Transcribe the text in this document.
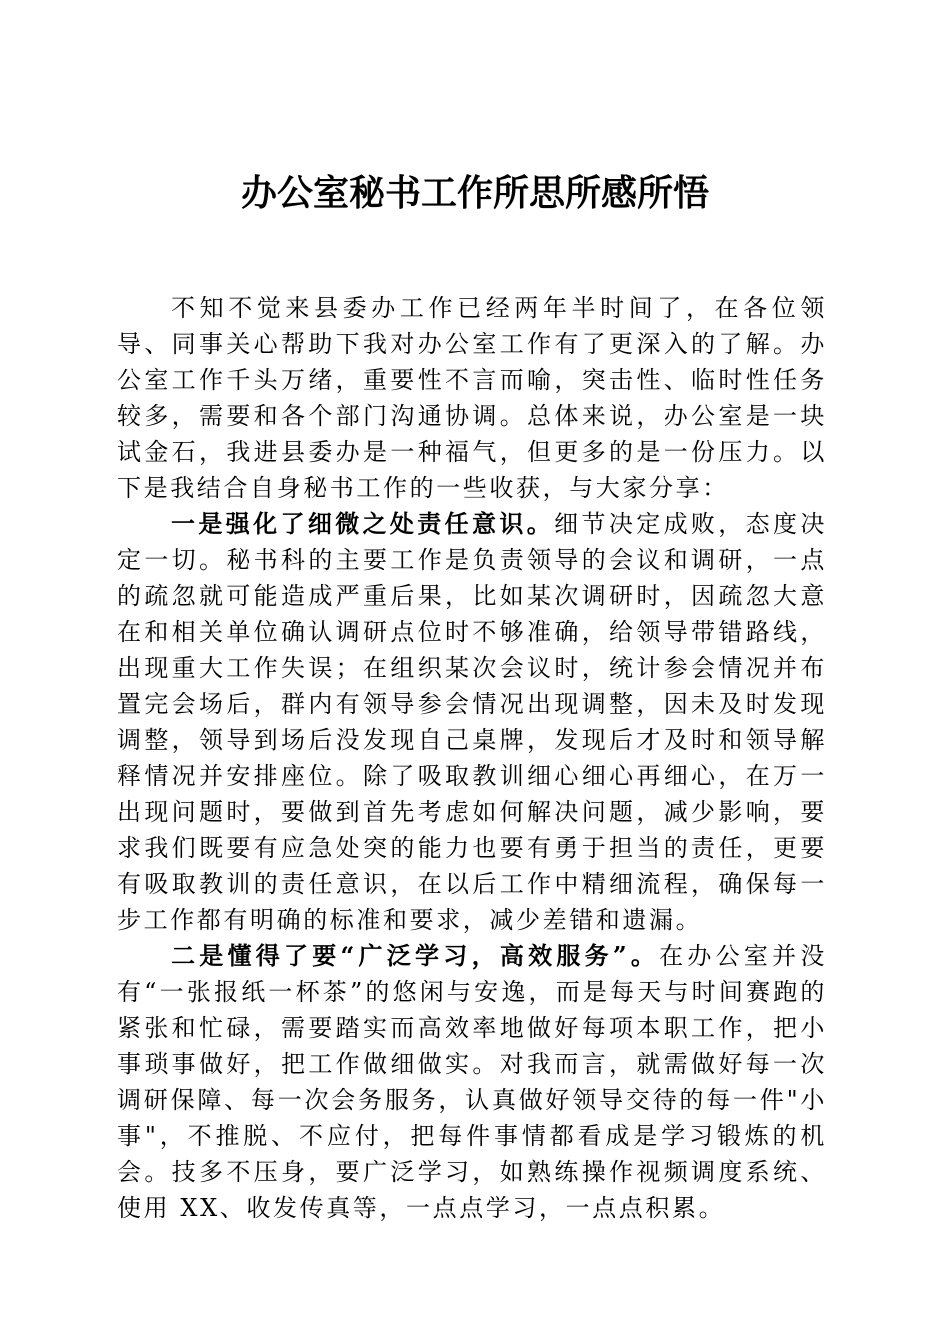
办公室秘书工作所思所感所悟

不知不觉来县委办工作已经两年半时间了，在各位领导、同事关心帮助下我对办公室工作有了更深入的了解。办公室工作千头万绪，重要性不言而喻，突击性、临时性任务较多，需要和各个部门沟通协调。总体来说，办公室是一块试金石，我进县委办是一种福气，但更多的是一份压力。以下是我结合自身秘书工作的一些收获，与大家分享：

一是强化了细微之处责任意识。细节决定成败，态度决定一切。秘书科的主要工作是负责领导的会议和调研，一点的疏忽就可能造成严重后果，比如某次调研时，因疏忽大意在和相关单位确认调研点位时不够准确，给领导带错路线，出现重大工作失误；在组织某次会议时，统计参会情况并布置完会场后，群内有领导参会情况出现调整，因未及时发现调整，领导到场后没发现自己桌牌，发现后才及时和领导解释情况并安排座位。除了吸取教训细心细心再细心，在万一出现问题时，要做到首先考虑如何解决问题，减少影响，要求我们既要有应急处突的能力也要有勇于担当的责任，更要有吸取教训的责任意识，在以后工作中精细流程，确保每一步工作都有明确的标准和要求，减少差错和遗漏。

二是懂得了要“广泛学习，高效服务”。在办公室并没有“一张报纸一杯茶”的悠闲与安逸，而是每天与时间赛跑的紧张和忙碌，需要踏实而高效率地做好每项本职工作，把小事琐事做好，把工作做细做实。对我而言，就需做好每一次调研保障、每一次会务服务，认真做好领导交待的每一件"小事"，不推脱、不应付，把每件事情都看成是学习锻炼的机会。技多不压身，要广泛学习，如熟练操作视频调度系统、使用 XX、收发传真等，一点点学习，一点点积累。
